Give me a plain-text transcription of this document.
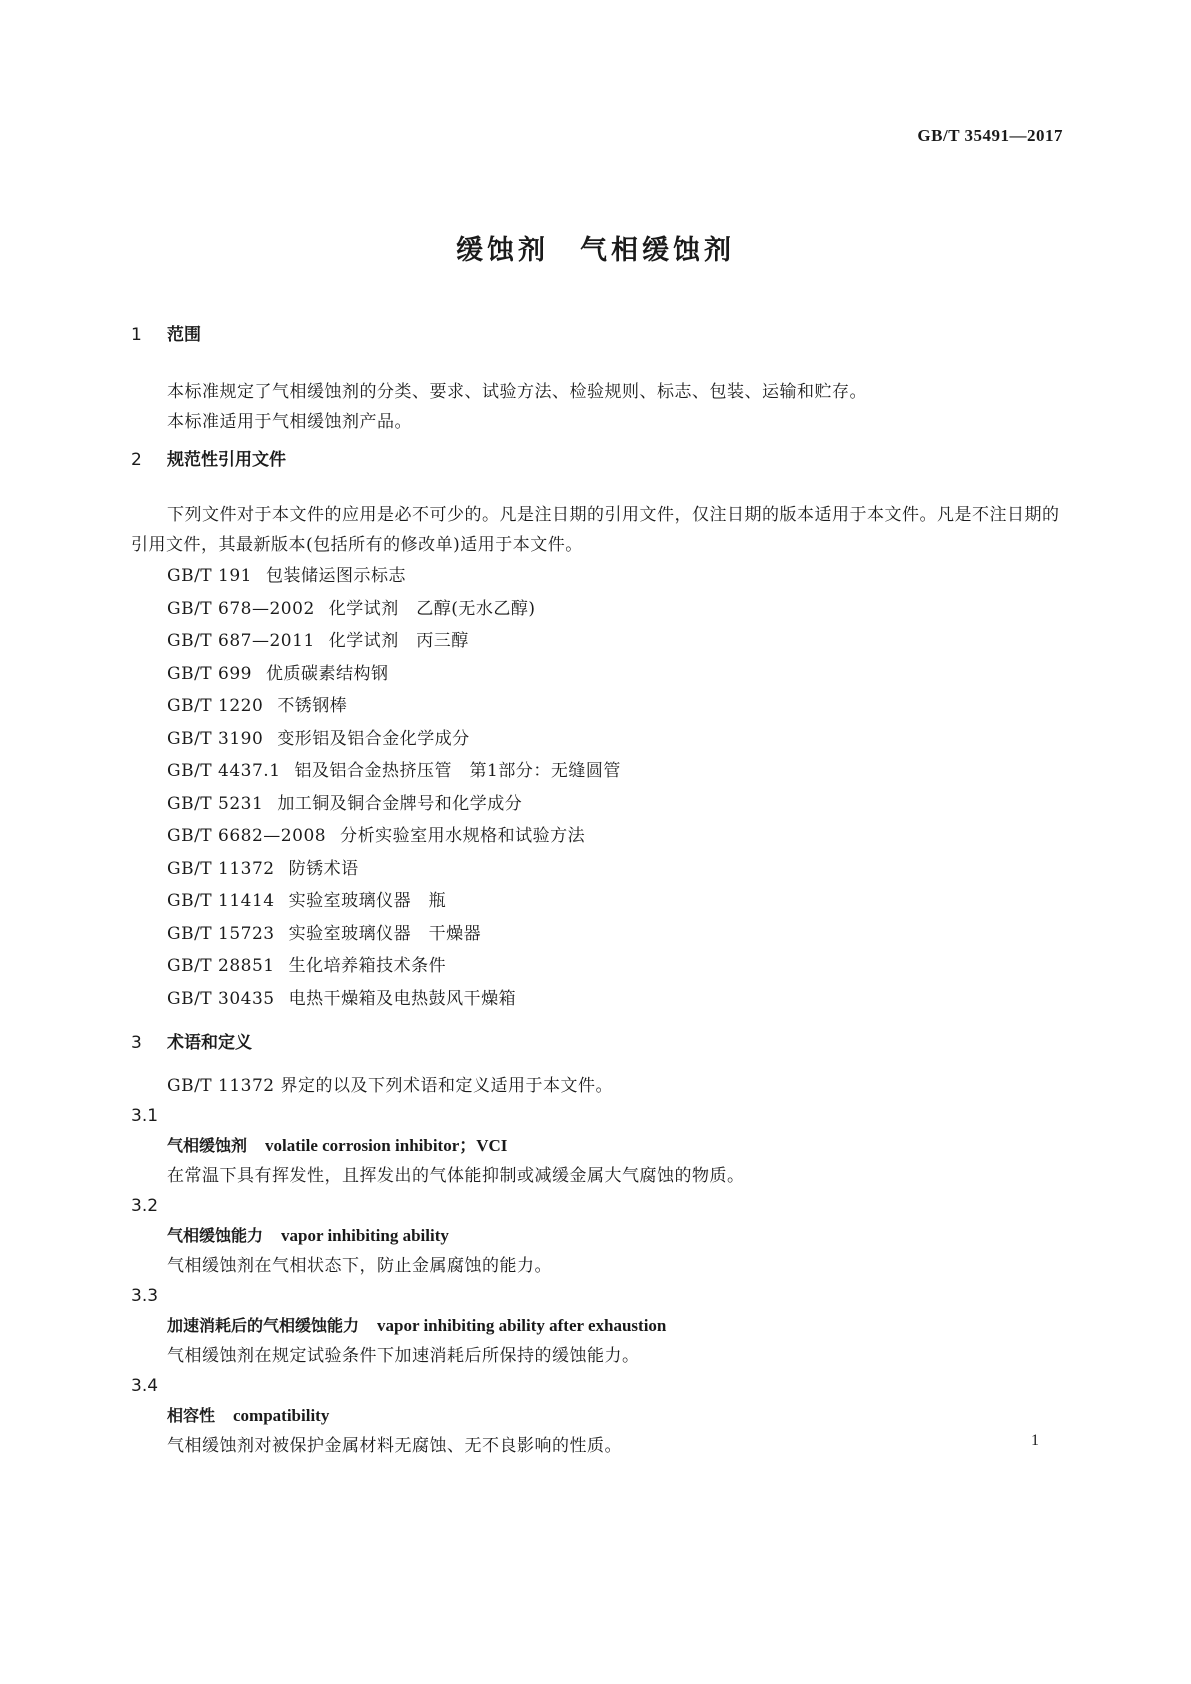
GB/T 35491—2017
缓蚀剂　气相缓蚀剂

1 范围

本标准规定了气相缓蚀剂的分类、要求、试验方法、检验规则、标志、包装、运输和贮存。

本标准适用于气相缓蚀剂产品。

2 规范性引用文件

下列文件对于本文件的应用是必不可少的。凡是注日期的引用文件，仅注日期的版本适用于本文件。凡是不注日期的引用文件，其最新版本(包括所有的修改单)适用于本文件。

GB/T 191 包装储运图示标志
GB/T 678—2002 化学试剂　乙醇(无水乙醇)
GB/T 687—2011 化学试剂　丙三醇
GB/T 699 优质碳素结构钢
GB/T 1220 不锈钢棒
GB/T 3190 变形铝及铝合金化学成分
GB/T 4437.1 铝及铝合金热挤压管　第1部分：无缝圆管
GB/T 5231 加工铜及铜合金牌号和化学成分
GB/T 6682—2008 分析实验室用水规格和试验方法
GB/T 11372 防锈术语
GB/T 11414 实验室玻璃仪器　瓶
GB/T 15723 实验室玻璃仪器　干燥器
GB/T 28851 生化培养箱技术条件
GB/T 30435 电热干燥箱及电热鼓风干燥箱

3 术语和定义

GB/T 11372 界定的以及下列术语和定义适用于本文件。

3.1

气相缓蚀剂 volatile corrosion inhibitor；VCI

在常温下具有挥发性，且挥发出的气体能抑制或减缓金属大气腐蚀的物质。

3.2

气相缓蚀能力 vapor inhibiting ability

气相缓蚀剂在气相状态下，防止金属腐蚀的能力。

3.3

加速消耗后的气相缓蚀能力 vapor inhibiting ability after exhaustion

气相缓蚀剂在规定试验条件下加速消耗后所保持的缓蚀能力。

3.4

相容性 compatibility

气相缓蚀剂对被保护金属材料无腐蚀、无不良影响的性质。	1
